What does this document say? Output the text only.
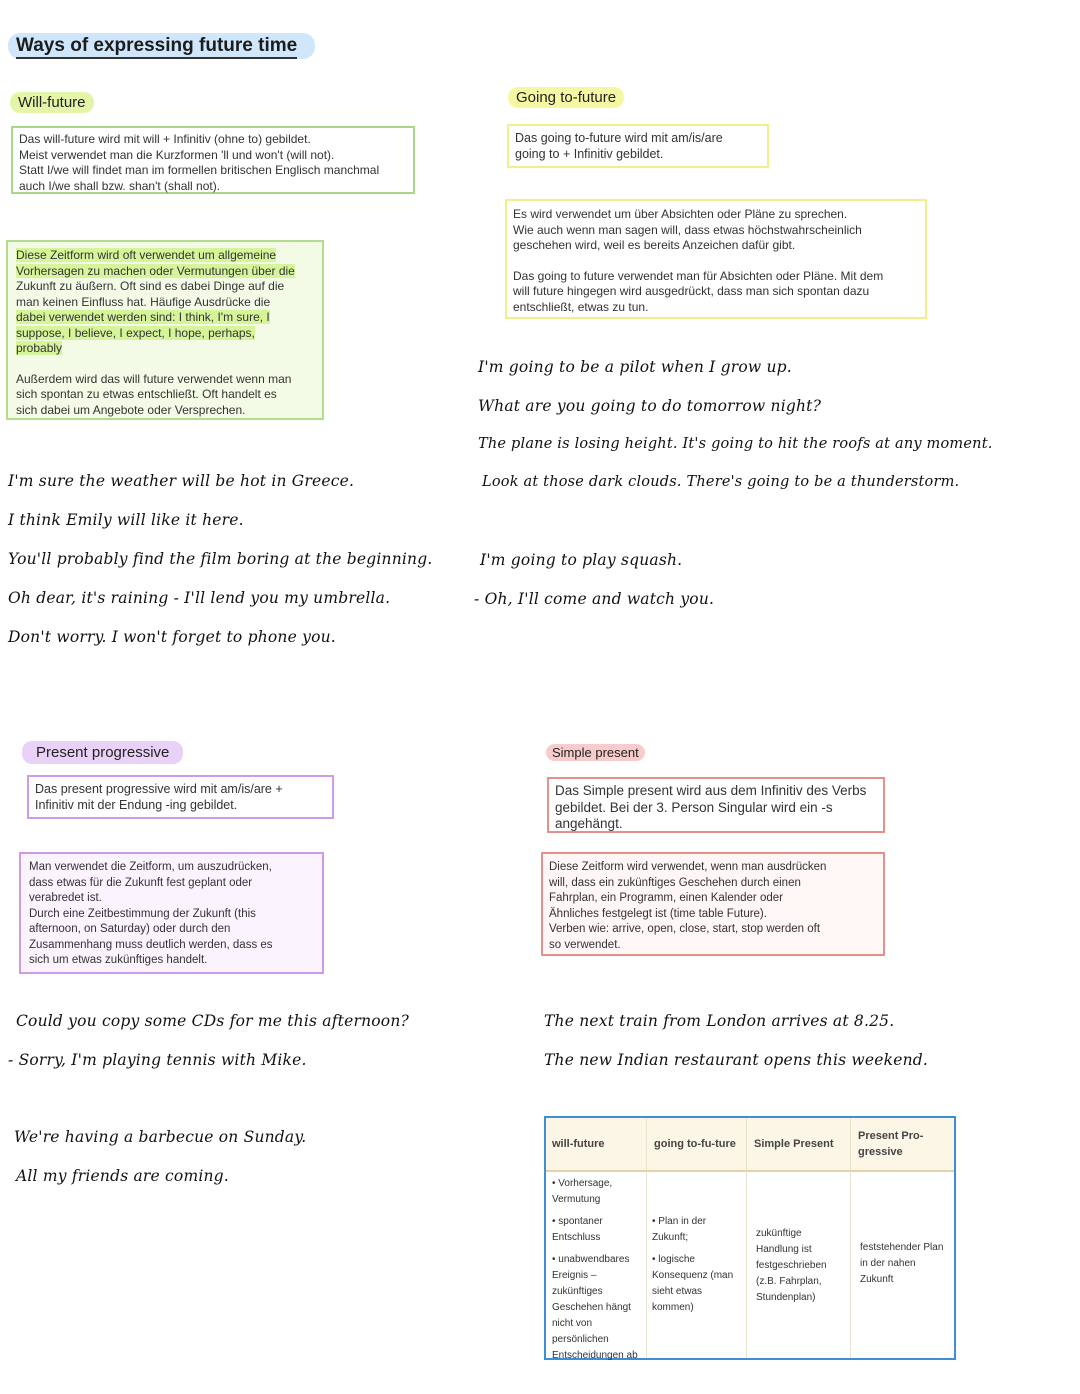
Ways of expressing future time
Will-future

Das will-future wird mit will + Infinitiv (ohne to) gebildet.

Meist verwendet man die Kurzformen 'll und won't (will not).

Statt I/we will findet man im formellen britischen Englisch manchmal

auch I/we shall bzw. shan't (shall not).

Diese Zeitform wird oft verwendet um allgemeine

Vorhersagen zu machen oder Vermutungen über die

Zukunft zu äußern. Oft sind es dabei Dinge auf die

man keinen Einfluss hat. Häufige Ausdrücke die

dabei verwendet werden sind: I think, I'm sure, I

suppose, I believe, I expect, I hope, perhaps,

probably

Außerdem wird das will future verwendet wenn man

sich spontan zu etwas entschließt. Oft handelt es

sich dabei um Angebote oder Versprechen.

I'm sure the weather will be hot in Greece.
I think Emily will like it here.
You'll probably find the film boring at the beginning.
Oh dear, it's raining - I'll lend you my umbrella.
Don't worry. I won't forget to phone you.
Going to-future

Das going to-future wird mit am/is/are

going to + Infinitiv gebildet.

Es wird verwendet um über Absichten oder Pläne zu sprechen.

Wie auch wenn man sagen will, dass etwas höchstwahrscheinlich

geschehen wird, weil es bereits Anzeichen dafür gibt.

Das going to future verwendet man für Absichten oder Pläne. Mit dem

will future hingegen wird ausgedrückt, dass man sich spontan dazu

entschließt, etwas zu tun.

I'm going to be a pilot when I grow up.
What are you going to do tomorrow night?
The plane is losing height. It's going to hit the roofs at any moment.
Look at those dark clouds. There's going to be a thunderstorm.
I'm going to play squash.
- Oh, I'll come and watch you.
Present progressive

Das present progressive wird mit am/is/are +

Infinitiv mit der Endung -ing gebildet.

Man verwendet die Zeitform, um auszudrücken,

dass etwas für die Zukunft fest geplant oder

verabredet ist.

Durch eine Zeitbestimmung der Zukunft (this

afternoon, on Saturday) oder durch den

Zusammenhang muss deutlich werden, dass es

sich um etwas zukünftiges handelt.

Could you copy some CDs for me this afternoon?
- Sorry, I'm playing tennis with Mike.
We're having a barbecue on Sunday.
All my friends are coming.
Simple present

Das Simple present wird aus dem Infinitiv des Verbs

gebildet. Bei der 3. Person Singular wird ein -s

angehängt.

Diese Zeitform wird verwendet, wenn man ausdrücken

will, dass ein zukünftiges Geschehen durch einen

Fahrplan, ein Programm, einen Kalender oder

Ähnliches festgelegt ist (time table Future).

Verben wie: arrive, open, close, start, stop werden oft

so verwendet.

The next train from London arrives at 8.25.
The new Indian restaurant opens this weekend.
will-future	going to-fu-ture	Simple Present
Present Pro-gressive
• Vorhersage, Vermutung
• spontaner Entschluss
• unabwendbares Ereignis – zukünftiges Geschehen hängt nicht von persönlichen Entscheidungen ab
• Plan in der Zukunft;
• logische Konsequenz (man sieht etwas kommen)
zukünftige Handlung ist festgeschrieben (z.B. Fahrplan, Stundenplan)
feststehender Plan in der nahen Zukunft
